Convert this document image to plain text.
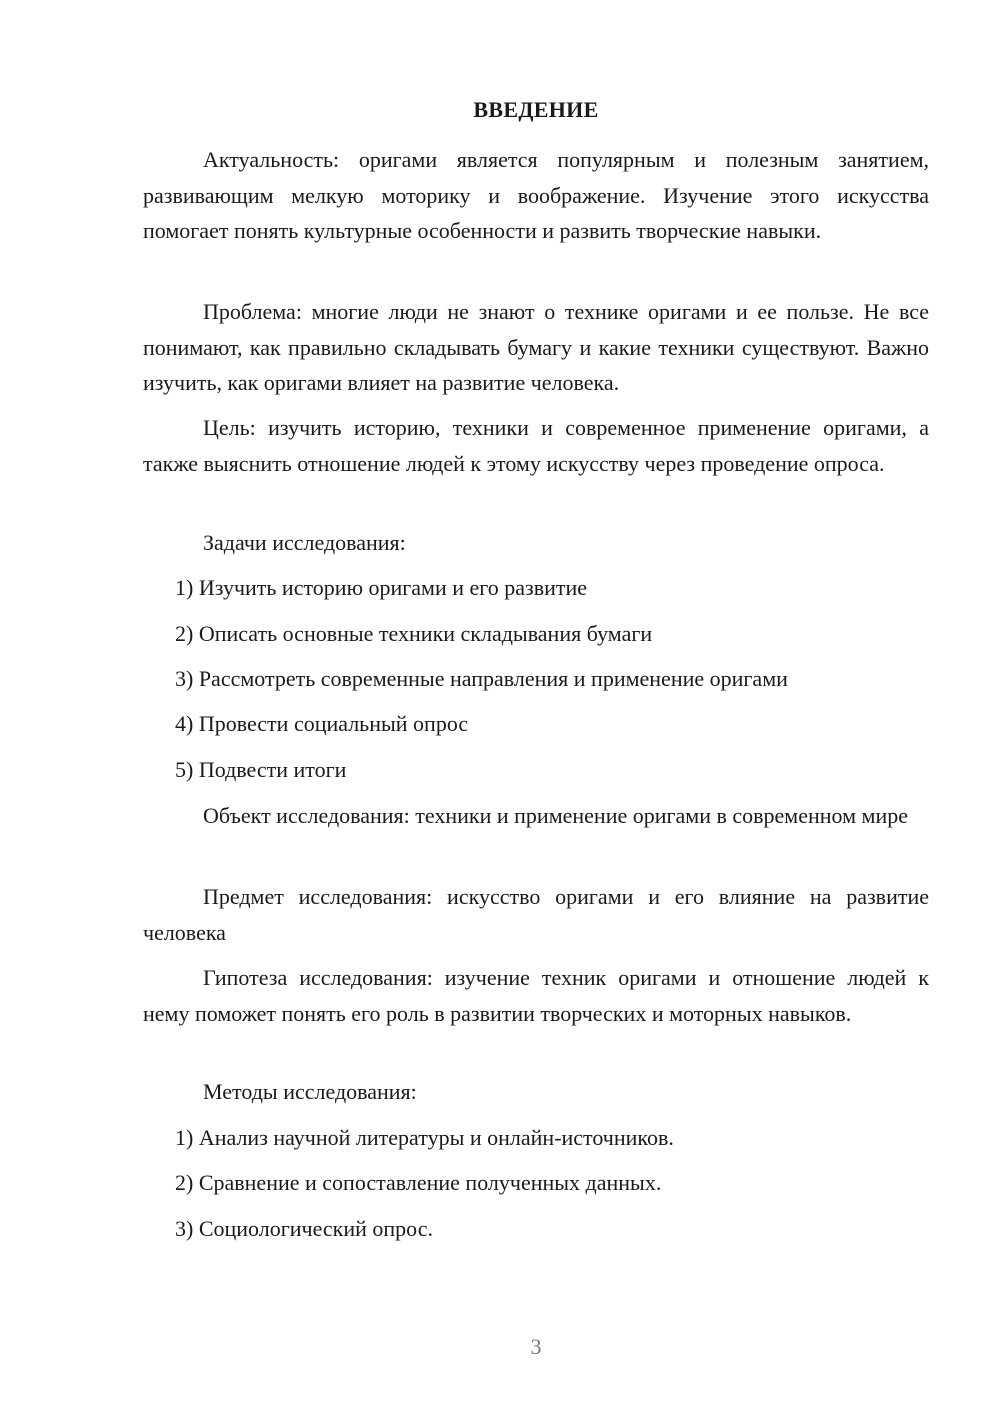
ВВЕДЕНИЕ

Актуальность: оригами является популярным и полезным занятием, развивающим мелкую моторику и воображение. Изучение этого искусства помогает понять культурные особенности и развить творческие навыки.

Проблема: многие люди не знают о технике оригами и ее пользе. Не все понимают, как правильно складывать бумагу и какие техники существуют. Важно изучить, как оригами влияет на развитие человека.

Цель: изучить историю, техники и современное применение оригами, а также выяснить отношение людей к этому искусству через проведение опроса.

Задачи исследования:
1) Изучить историю оригами и его развитие
2) Описать основные техники складывания бумаги
3) Рассмотреть современные направления и применение оригами
4) Провести социальный опрос
5) Подвести итоги

Объект исследования: техники и применение оригами в современном мире

Предмет исследования: искусство оригами и его влияние на развитие человека

Гипотеза исследования: изучение техник оригами и отношение людей к нему поможет понять его роль в развитии творческих и моторных навыков.

Методы исследования:
1) Анализ научной литературы и онлайн-источников.
2) Сравнение и сопоставление полученных данных.
3) Социологический опрос.
3
